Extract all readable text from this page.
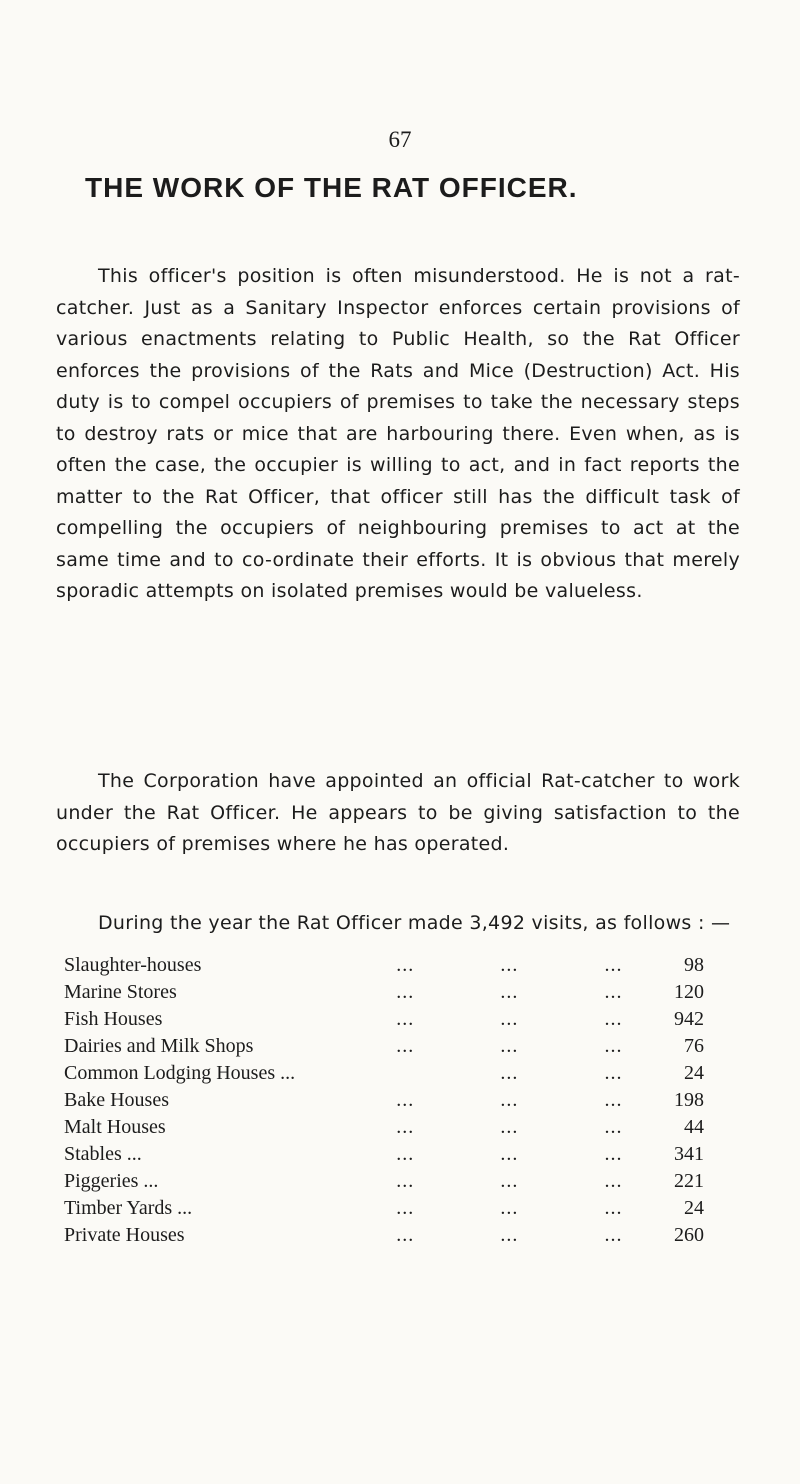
67
THE WORK OF THE RAT OFFICER.

This officer's position is often misunderstood. He is not a rat-catcher. Just as a Sanitary Inspector enforces certain provisions of various enactments relating to Public Health, so the Rat Officer enforces the provisions of the Rats and Mice (Destruction) Act. His duty is to compel occupiers of premises to take the necessary steps to destroy rats or mice that are harbouring there. Even when, as is often the case, the occupier is willing to act, and in fact reports the matter to the Rat Officer, that officer still has the difficult task of compelling the occupiers of neighbouring premises to act at the same time and to co-ordinate their efforts. It is obvious that merely sporadic attempts on isolated premises would be valueless.

The Corporation have appointed an official Rat-catcher to work under the Rat Officer. He appears to be giving satisfaction to the occupiers of premises where he has operated.

During the year the Rat Officer made 3,492 visits, as follows : —

Slaughter-houses	...	...	...	98
Marine Stores	...	...	...	120
Fish Houses	...	...	...	942
Dairies and Milk Shops	...	...	...	76
Common Lodging Houses ...		...	...	24
Bake Houses	...	...	...	198
Malt Houses	...	...	...	44
Stables ...	...	...	...	341
Piggeries ...	...	...	...	221
Timber Yards ...	...	...	...	24
Private Houses	...	...	...	260
